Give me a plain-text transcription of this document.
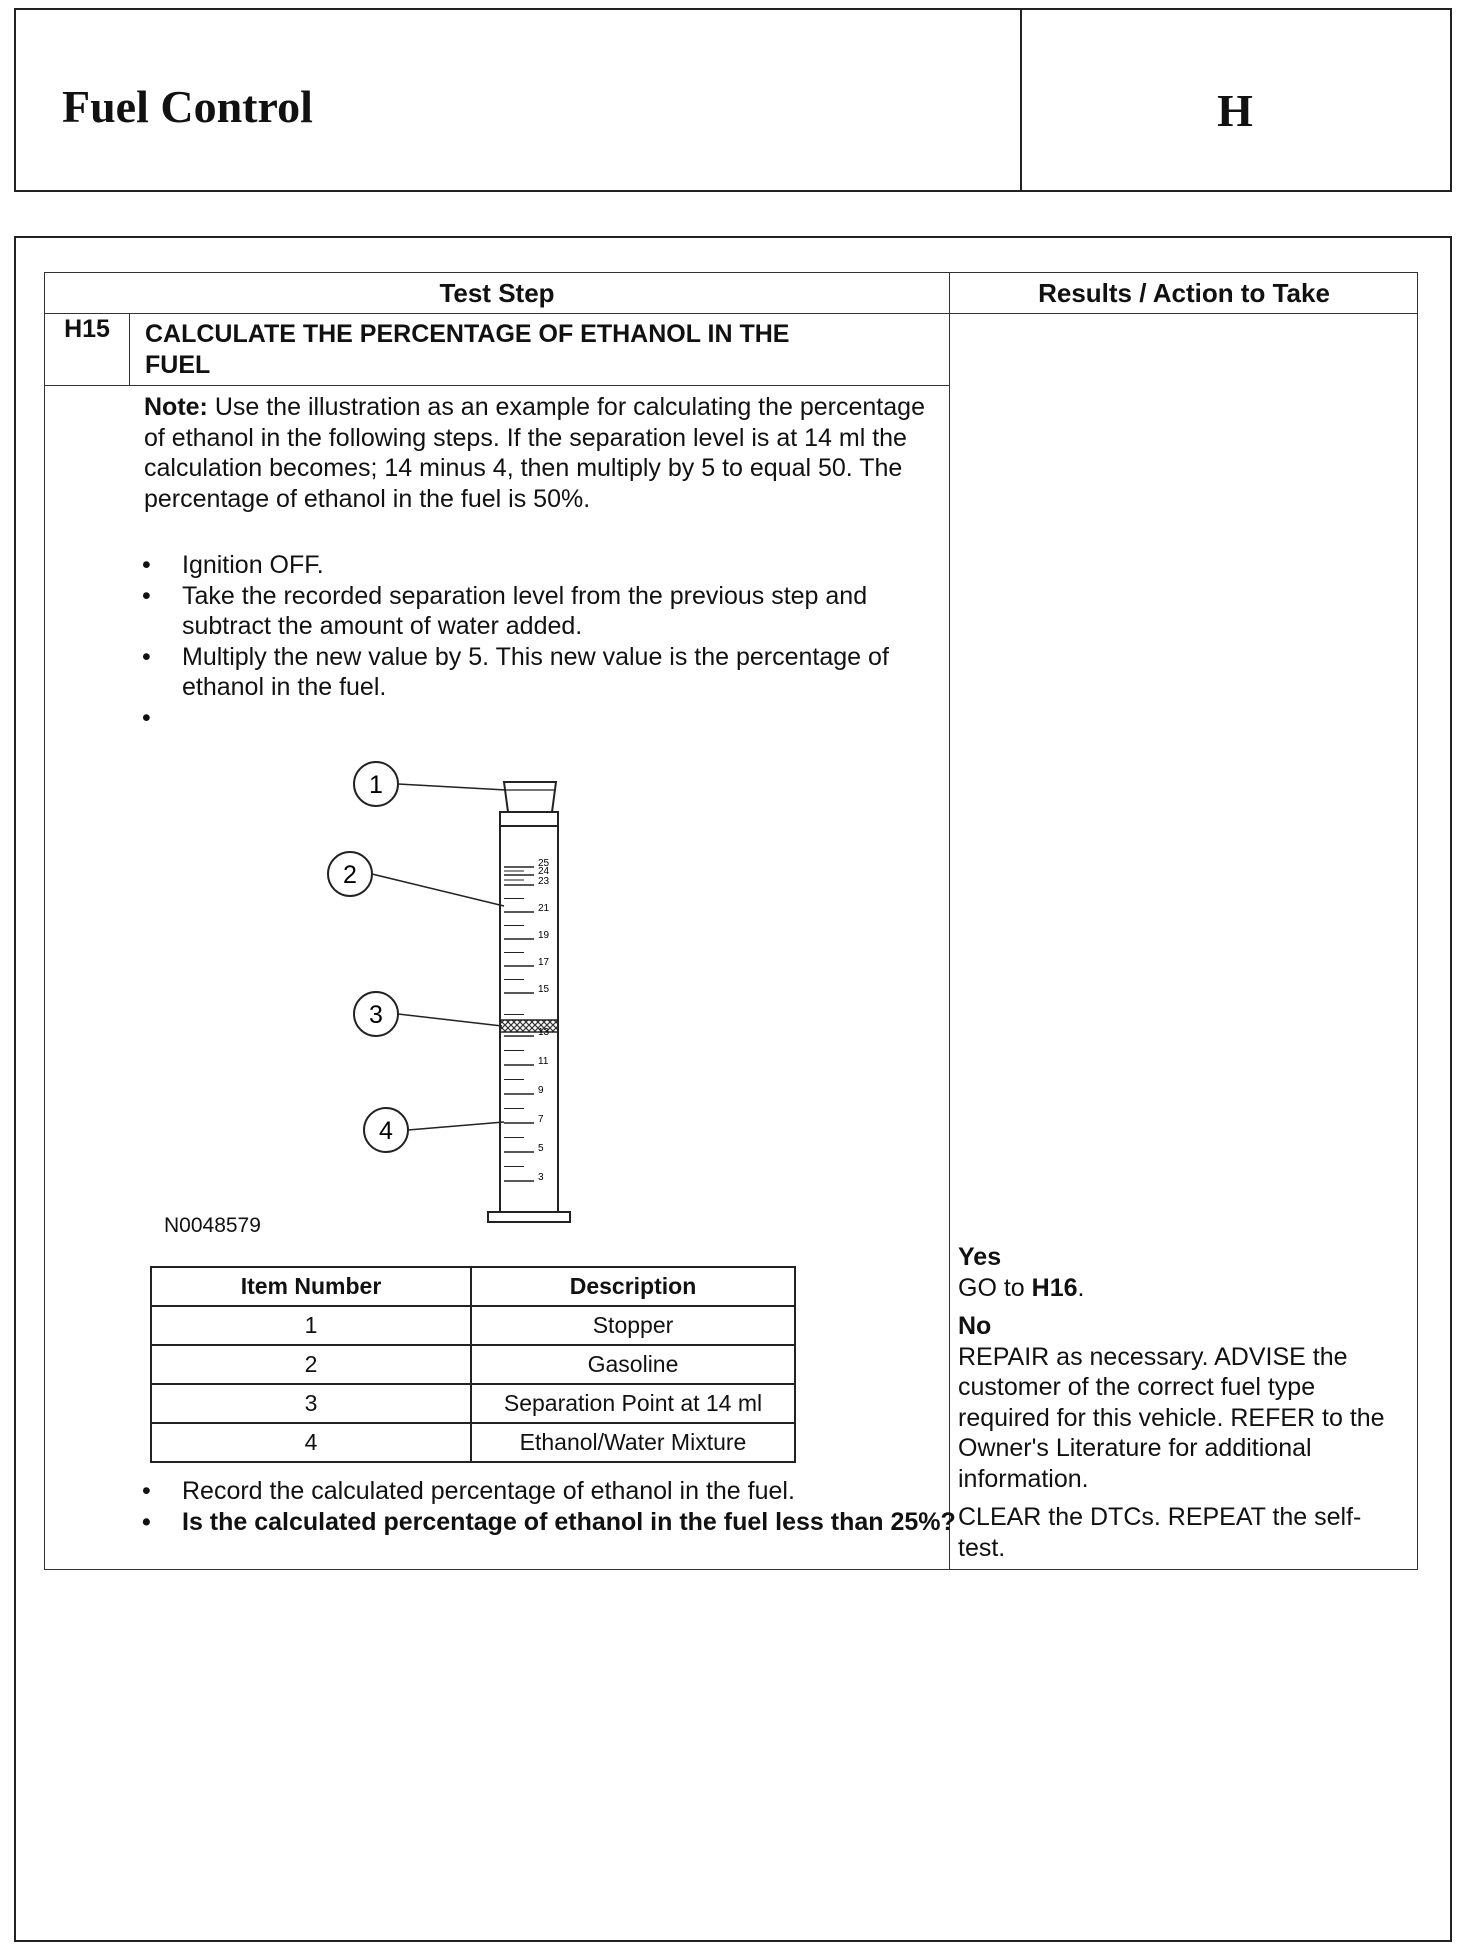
Fuel Control	H
Test Step	Results / Action to Take
H15	CALCULATE THE PERCENTAGE OF ETHANOL IN THE FUEL
Note: Use the illustration as an example for calculating the percentage of ethanol in the following steps. If the separation level is at 14 ml the calculation becomes; 14 minus 4, then multiply by 5 to equal 50. The percentage of ethanol in the fuel is 50%.
• Ignition OFF.
• Take the recorded separation level from the previous step and subtract the amount of water added.
• Multiply the new value by 5. This new value is the percentage of ethanol in the fuel.
•
25
24
23
21
19
17
15
13
11
9
7
5
3
1
2
3
4
N0048579
Item Number	Description
1	Stopper
2	Gasoline
3	Separation Point at 14 ml
4	Ethanol/Water Mixture
• Record the calculated percentage of ethanol in the fuel.
• Is the calculated percentage of ethanol in the fuel less than 25%?
Yes
GO to H16.
No
REPAIR as necessary. ADVISE the customer of the correct fuel type required for this vehicle. REFER to the Owner's Literature for additional information.
CLEAR the DTCs. REPEAT the self-test.
